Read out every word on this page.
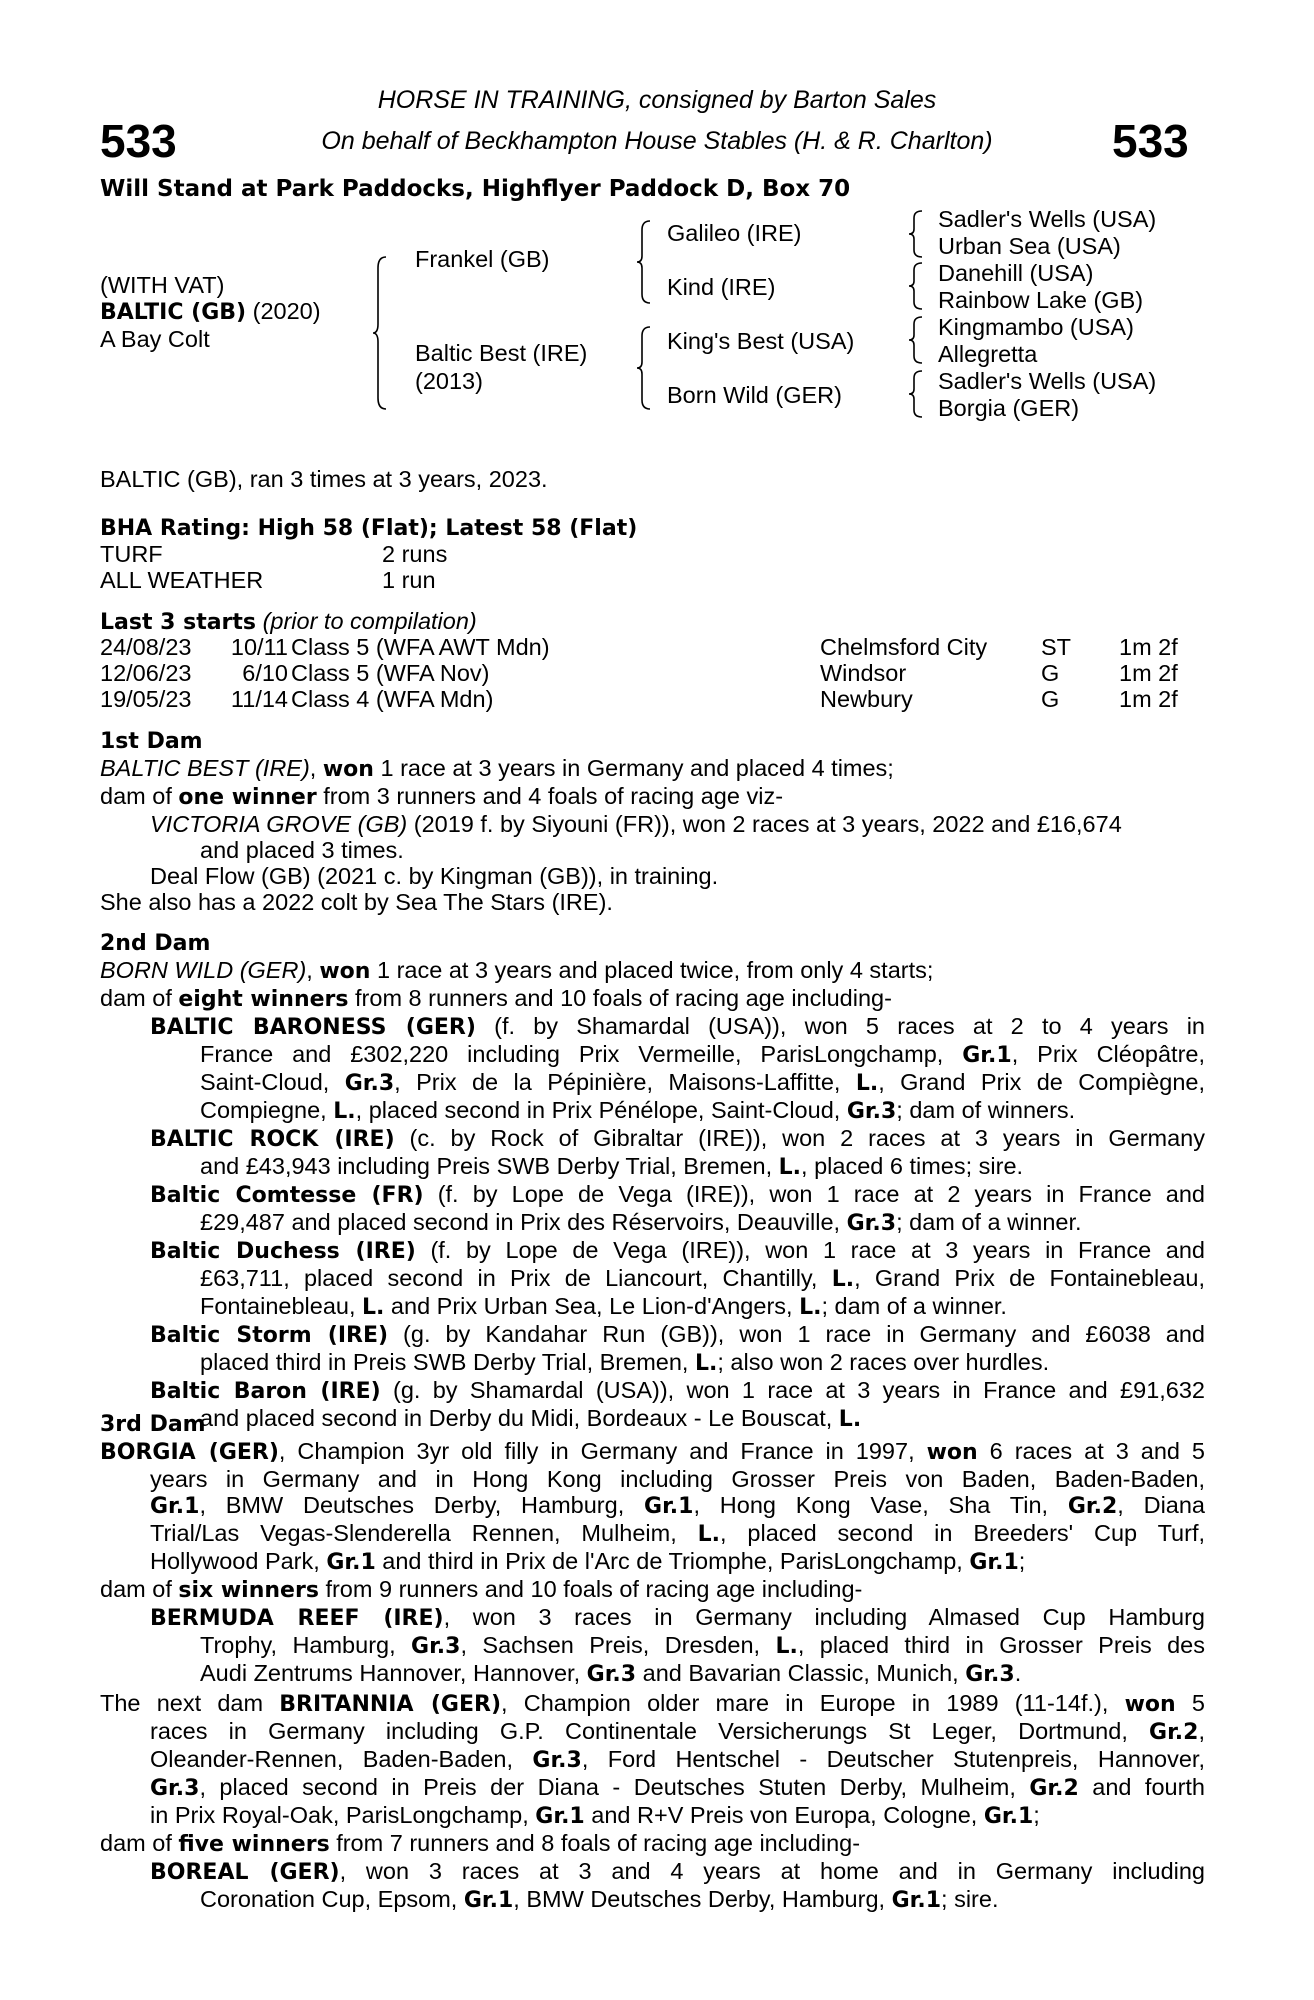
533	533
HORSE IN TRAINING, consigned by Barton Sales
On behalf of Beckhampton House Stables (H. & R. Charlton)
Will Stand at Park Paddocks, Highflyer Paddock D, Box 70
(WITH VAT)
BALTIC (GB) (2020)
A Bay Colt
Frankel (GB)
Baltic Best (IRE)
(2013)
Galileo (IRE)
Kind (IRE)
King's Best (USA)
Born Wild (GER)
Sadler's Wells (USA)
Urban Sea (USA)
Danehill (USA)
Rainbow Lake (GB)
Kingmambo (USA)
Allegretta
Sadler's Wells (USA)
Borgia (GER)
BALTIC (GB), ran 3 times at 3 years, 2023.
BHA Rating: High 58 (Flat); Latest 58 (Flat)
TURF	2 runs
ALL WEATHER	1 run
Last 3 starts (prior to compilation)
24/08/23 10/11 Class 5 (WFA AWT Mdn)	Chelmsford City ST 1m 2f
12/06/23	6/10 Class 5 (WFA Nov)	Windsor	G	1m 2f
19/05/23 11/14 Class 4 (WFA Mdn)	Newbury	G	1m 2f
1st Dam
BALTIC BEST (IRE), won 1 race at 3 years in Germany and placed 4 times;
dam of one winner from 3 runners and 4 foals of racing age viz-
VICTORIA GROVE (GB) (2019 f. by Siyouni (FR)), won 2 races at 3 years, 2022 and £16,674
and placed 3 times.
Deal Flow (GB) (2021 c. by Kingman (GB)), in training.
She also has a 2022 colt by Sea The Stars (IRE).
2nd Dam
BORN WILD (GER), won 1 race at 3 years and placed twice, from only 4 starts;
dam of eight winners from 8 runners and 10 foals of racing age including-
BALTIC BARONESS (GER) (f. by Shamardal (USA)), won 5 races at 2 to 4 years in
France and £302,220 including Prix Vermeille, ParisLongchamp, Gr.1, Prix Cléopâtre,
Saint-Cloud, Gr.3, Prix de la Pépinière, Maisons-Laffitte, L., Grand Prix de Compiègne,
Compiegne, L., placed second in Prix Pénélope, Saint-Cloud, Gr.3; dam of winners.
BALTIC ROCK (IRE) (c. by Rock of Gibraltar (IRE)), won 2 races at 3 years in Germany
and £43,943 including Preis SWB Derby Trial, Bremen, L., placed 6 times; sire.
Baltic Comtesse (FR) (f. by Lope de Vega (IRE)), won 1 race at 2 years in France and
£29,487 and placed second in Prix des Réservoirs, Deauville, Gr.3; dam of a winner.
Baltic Duchess (IRE) (f. by Lope de Vega (IRE)), won 1 race at 3 years in France and
£63,711, placed second in Prix de Liancourt, Chantilly, L., Grand Prix de Fontainebleau,
Fontainebleau, L. and Prix Urban Sea, Le Lion-d'Angers, L.; dam of a winner.
Baltic Storm (IRE) (g. by Kandahar Run (GB)), won 1 race in Germany and £6038 and
placed third in Preis SWB Derby Trial, Bremen, L.; also won 2 races over hurdles.
Baltic Baron (IRE) (g. by Shamardal (USA)), won 1 race at 3 years in France and £91,632
and placed second in Derby du Midi, Bordeaux - Le Bouscat, L.
3rd Dam
BORGIA (GER), Champion 3yr old filly in Germany and France in 1997, won 6 races at 3 and 5
years in Germany and in Hong Kong including Grosser Preis von Baden, Baden-Baden,
Gr.1, BMW Deutsches Derby, Hamburg, Gr.1, Hong Kong Vase, Sha Tin, Gr.2, Diana
Trial/Las Vegas-Slenderella Rennen, Mulheim, L., placed second in Breeders' Cup Turf,
Hollywood Park, Gr.1 and third in Prix de l'Arc de Triomphe, ParisLongchamp, Gr.1;
dam of six winners from 9 runners and 10 foals of racing age including-
BERMUDA REEF (IRE), won 3 races in Germany including Almased Cup Hamburg
Trophy, Hamburg, Gr.3, Sachsen Preis, Dresden, L., placed third in Grosser Preis des
Audi Zentrums Hannover, Hannover, Gr.3 and Bavarian Classic, Munich, Gr.3.
The next dam BRITANNIA (GER), Champion older mare in Europe in 1989 (11-14f.), won 5
races in Germany including G.P. Continentale Versicherungs St Leger, Dortmund, Gr.2,
Oleander-Rennen, Baden-Baden, Gr.3, Ford Hentschel - Deutscher Stutenpreis, Hannover,
Gr.3, placed second in Preis der Diana - Deutsches Stuten Derby, Mulheim, Gr.2 and fourth
in Prix Royal-Oak, ParisLongchamp, Gr.1 and R+V Preis von Europa, Cologne, Gr.1;
dam of five winners from 7 runners and 8 foals of racing age including-
BOREAL (GER), won 3 races at 3 and 4 years at home and in Germany including
Coronation Cup, Epsom, Gr.1, BMW Deutsches Derby, Hamburg, Gr.1; sire.
